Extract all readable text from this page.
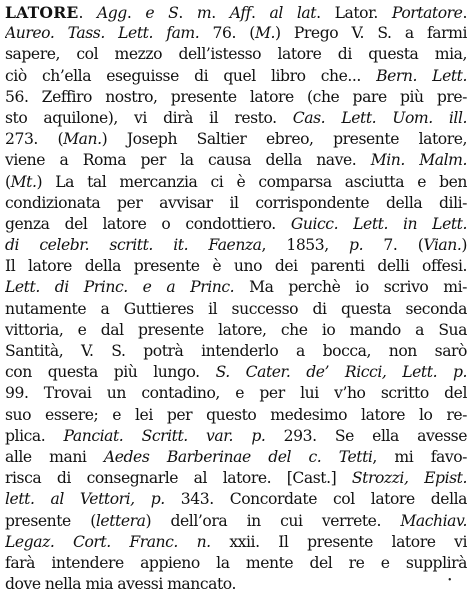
LATORE. Agg. e S. m. Aff. al lat. Lator. Portatore.
Aureo. Tass. Lett. fam. 76. (M.) Prego V. S. a farmi
sapere, col mezzo dell’istesso latore di questa mia,
ciò ch’ella eseguisse di quel libro che... Bern. Lett.
56. Zeffiro nostro, presente latore (che pare più pre-
sto aquilone), vi dirà il resto. Cas. Lett. Uom. ill.
273. (Man.) Joseph Saltier ebreo, presente latore,
viene a Roma per la causa della nave. Min. Malm.
(Mt.) La tal mercanzia ci è comparsa asciutta e ben
condizionata per avvisar il corrispondente della dili-
genza del latore o condottiero. Guicc. Lett. in Lett.
di celebr. scritt. it. Faenza, 1853, p. 7. (Vian.)
Il latore della presente è uno dei parenti delli offesi.
Lett. di Princ. e a Princ. Ma perchè io scrivo mi-
nutamente a Guttieres il successo di questa seconda
vittoria, e dal presente latore, che io mando a Sua
Santità, V. S. potrà intenderlo a bocca, non sarò
con questa più lungo. S. Cater. de’ Ricci, Lett. p.
99. Trovai un contadino, e per lui v’ho scritto del
suo essere; e lei per questo medesimo latore lo re-
plica. Panciat. Scritt. var. p. 293. Se ella avesse
alle mani Aedes Barberinae del c. Tetti, mi favo-
risca di consegnarle al latore. [Cast.] Strozzi, Epist.
lett. al Vettori, p. 343. Concordate col latore della
presente (lettera) dell’ora in cui verrete. Machiav.
Legaz. Cort. Franc. n. xxii. Il presente latore vi
farà intendere appieno la mente del re e supplirà
dove nella mia avessi mancato.	•
